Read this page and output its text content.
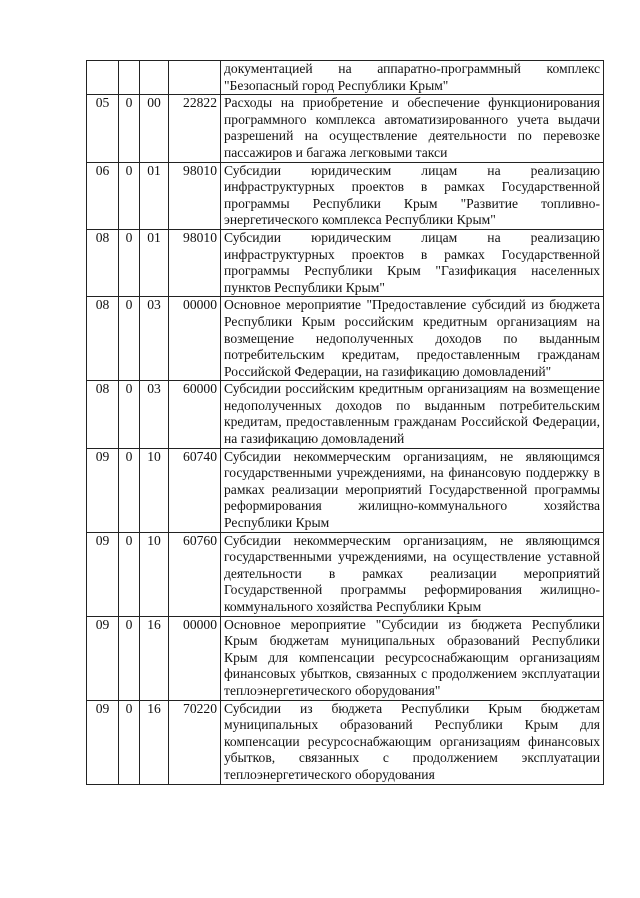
				документацией на аппаратно-программный комплекс "Безопасный город Республики Крым"
05	0	00	22822	Расходы на приобретение и обеспечение функционирования программного комплекса автоматизированного учета выдачи разрешений на осуществление деятельности по перевозке пассажиров и багажа легковыми такси
06	0	01	98010	Субсидии юридическим лицам на реализацию инфраструктурных проектов в рамках Государственной программы Республики Крым "Развитие топливно-энергетического комплекса Республики Крым"
08	0	01	98010	Субсидии юридическим лицам на реализацию инфраструктурных проектов в рамках Государственной программы Республики Крым "Газификация населенных пунктов Республики Крым"
08	0	03	00000	Основное мероприятие "Предоставление субсидий из бюджета Республики Крым российским кредитным организациям на возмещение недополученных доходов по выданным потребительским кредитам, предоставленным гражданам Российской Федерации, на газификацию домовладений"
08	0	03	60000	Субсидии российским кредитным организациям на возмещение недополученных доходов по выданным потребительским кредитам, предоставленным гражданам Российской Федерации, на газификацию домовладений
09	0	10	60740	Субсидии некоммерческим организациям, не являющимся государственными учреждениями, на финансовую поддержку в рамках реализации мероприятий Государственной программы реформирования жилищно-коммунального хозяйства Республики Крым
09	0	10	60760	Субсидии некоммерческим организациям, не являющимся государственными учреждениями, на осуществление уставной деятельности в рамках реализации мероприятий Государственной программы реформирования жилищно-коммунального хозяйства Республики Крым
09	0	16	00000	Основное мероприятие "Субсидии из бюджета Республики Крым бюджетам муниципальных образований Республики Крым для компенсации ресурсоснабжающим организациям финансовых убытков, связанных с продолжением эксплуатации теплоэнергетического оборудования"
09	0	16	70220	Субсидии из бюджета Республики Крым бюджетам муниципальных образований Республики Крым для компенсации ресурсоснабжающим организациям финансовых убытков, связанных с продолжением эксплуатации теплоэнергетического оборудования
